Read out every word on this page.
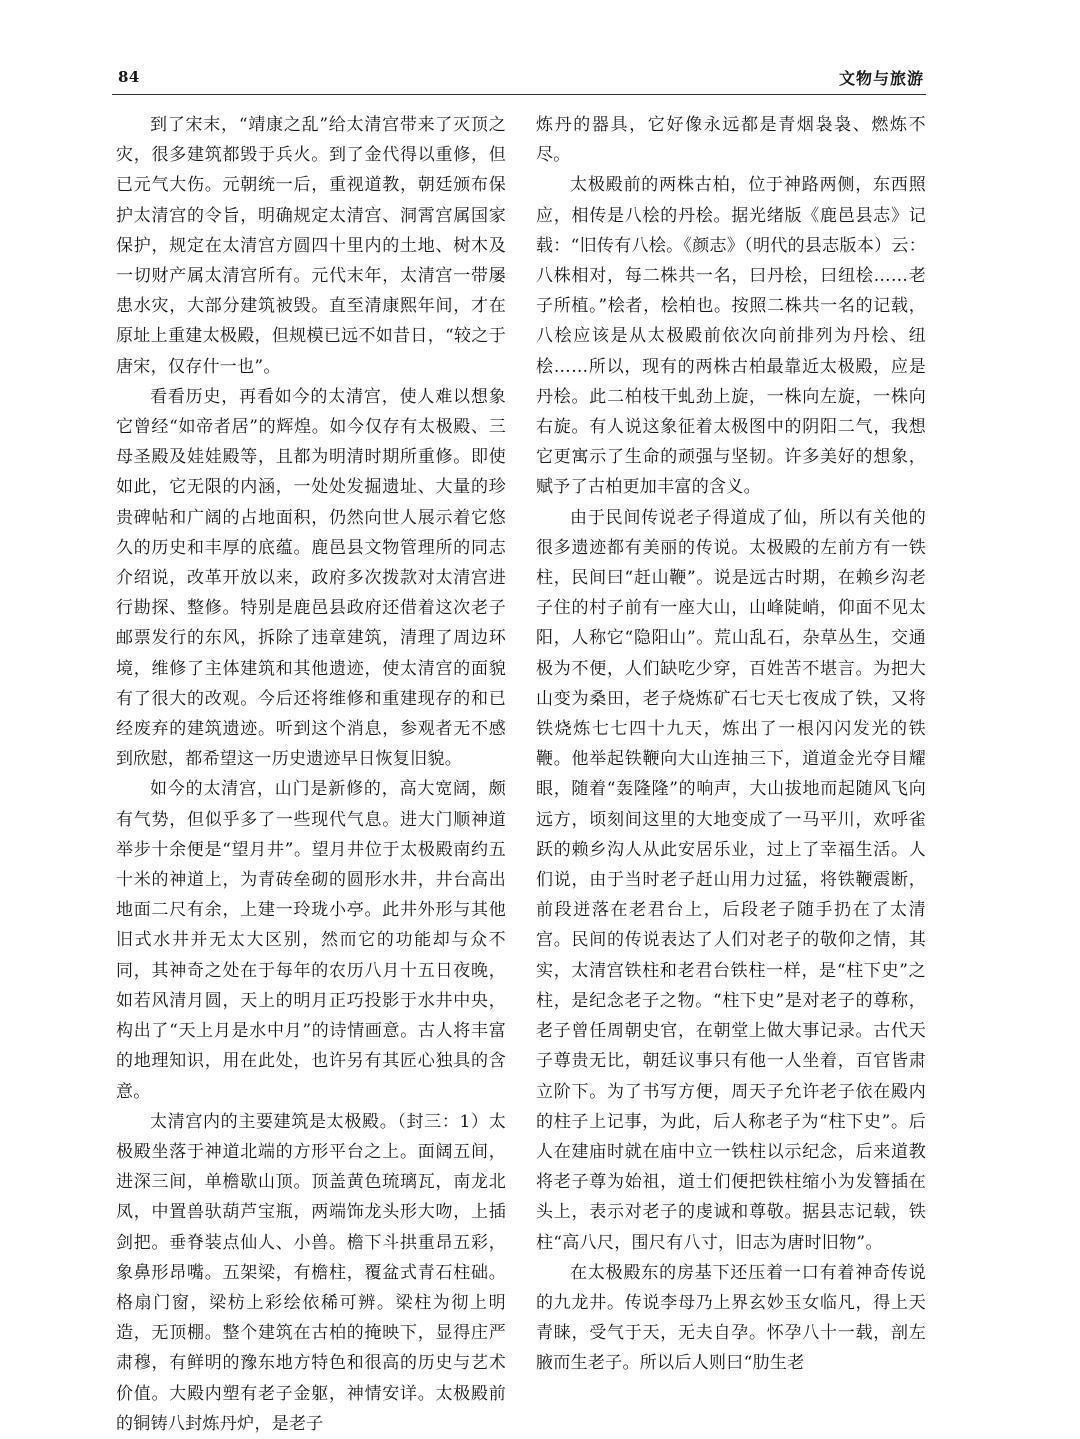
84	文物与旅游

到了宋末，“靖康之乱”给太清宫带来了灭顶之灾，很多建筑都毁于兵火。到了金代得以重修，但已元气大伤。元朝统一后，重视道教，朝廷颁布保护太清宫的令旨，明确规定太清宫、洞霄宫属国家保护，规定在太清宫方圆四十里内的土地、树木及一切财产属太清宫所有。元代末年，太清宫一带屡患水灾，大部分建筑被毁。直至清康熙年间，才在原址上重建太极殿，但规模已远不如昔日，“较之于唐宋，仅存什一也”。

看看历史，再看如今的太清宫，使人难以想象它曾经“如帝者居”的辉煌。如今仅存有太极殿、三母圣殿及娃娃殿等，且都为明清时期所重修。即使如此，它无限的内涵，一处处发掘遗址、大量的珍贵碑帖和广阔的占地面积，仍然向世人展示着它悠久的历史和丰厚的底蕴。鹿邑县文物管理所的同志介绍说，改革开放以来，政府多次拨款对太清宫进行勘探、整修。特别是鹿邑县政府还借着这次老子邮票发行的东风，拆除了违章建筑，清理了周边环境，维修了主体建筑和其他遗迹，使太清宫的面貌有了很大的改观。今后还将维修和重建现存的和已经废弃的建筑遗迹。听到这个消息，参观者无不感到欣慰，都希望这一历史遗迹早日恢复旧貌。

如今的太清宫，山门是新修的，高大宽阔，颇有气势，但似乎多了一些现代气息。进大门顺神道举步十余便是“望月井”。望月井位于太极殿南约五十米的神道上，为青砖垒砌的圆形水井，井台高出地面二尺有余，上建一玲珑小亭。此井外形与其他旧式水井并无太大区别，然而它的功能却与众不同，其神奇之处在于每年的农历八月十五日夜晚，如若风清月圆，天上的明月正巧投影于水井中央，构出了“天上月是水中月”的诗情画意。古人将丰富的地理知识，用在此处，也许另有其匠心独具的含意。

太清宫内的主要建筑是太极殿。（封三：1）太极殿坐落于神道北端的方形平台之上。面阔五间，进深三间，单檐歇山顶。顶盖黄色琉璃瓦，南龙北凤，中置兽驮葫芦宝瓶，两端饰龙头形大吻，上插剑把。垂脊装点仙人、小兽。檐下斗拱重昂五彩，象鼻形昂嘴。五架梁，有檐柱，覆盆式青石柱础。格扇门窗，梁枋上彩绘依稀可辨。梁柱为彻上明造，无顶棚。整个建筑在古柏的掩映下，显得庄严肃穆，有鲜明的豫东地方特色和很高的历史与艺术价值。大殿内塑有老子金躯，神情安详。太极殿前的铜铸八封炼丹炉，是老子

炼丹的器具，它好像永远都是青烟袅袅、燃炼不尽。

太极殿前的两株古柏，位于神路两侧，东西照应，相传是八桧的丹桧。据光绪版《鹿邑县志》记载：“旧传有八桧。《颜志》（明代的县志版本）云：八株相对，每二株共一名，曰丹桧，曰纽桧……老子所植。”桧者，桧柏也。按照二株共一名的记载，八桧应该是从太极殿前依次向前排列为丹桧、纽桧……所以，现有的两株古柏最靠近太极殿，应是丹桧。此二柏枝干虬劲上旋，一株向左旋，一株向右旋。有人说这象征着太极图中的阴阳二气，我想它更寓示了生命的顽强与坚韧。许多美好的想象，赋予了古柏更加丰富的含义。

由于民间传说老子得道成了仙，所以有关他的很多遗迹都有美丽的传说。太极殿的左前方有一铁柱，民间曰“赶山鞭”。说是远古时期，在赖乡沟老子住的村子前有一座大山，山峰陡峭，仰面不见太阳，人称它“隐阳山”。荒山乱石，杂草丛生，交通极为不便，人们缺吃少穿，百姓苦不堪言。为把大山变为桑田，老子烧炼矿石七天七夜成了铁，又将铁烧炼七七四十九天，炼出了一根闪闪发光的铁鞭。他举起铁鞭向大山连抽三下，道道金光夺目耀眼，随着“轰隆隆”的响声，大山拔地而起随风飞向远方，顷刻间这里的大地变成了一马平川，欢呼雀跃的赖乡沟人从此安居乐业，过上了幸福生活。人们说，由于当时老子赶山用力过猛，将铁鞭震断，前段迸落在老君台上，后段老子随手扔在了太清宫。民间的传说表达了人们对老子的敬仰之情，其实，太清宫铁柱和老君台铁柱一样，是“柱下史”之柱，是纪念老子之物。“柱下史”是对老子的尊称，老子曾任周朝史官，在朝堂上做大事记录。古代天子尊贵无比，朝廷议事只有他一人坐着，百官皆肃立阶下。为了书写方便，周天子允许老子依在殿内的柱子上记事，为此，后人称老子为“柱下史”。后人在建庙时就在庙中立一铁柱以示纪念，后来道教将老子尊为始祖，道士们便把铁柱缩小为发簪插在头上，表示对老子的虔诚和尊敬。据县志记载，铁柱“高八尺，围尺有八寸，旧志为唐时旧物”。

在太极殿东的房基下还压着一口有着神奇传说的九龙井。传说李母乃上界玄妙玉女临凡，得上天青睐，受气于天，无夫自孕。怀孕八十一载，剖左腋而生老子。所以后人则曰“肋生老
